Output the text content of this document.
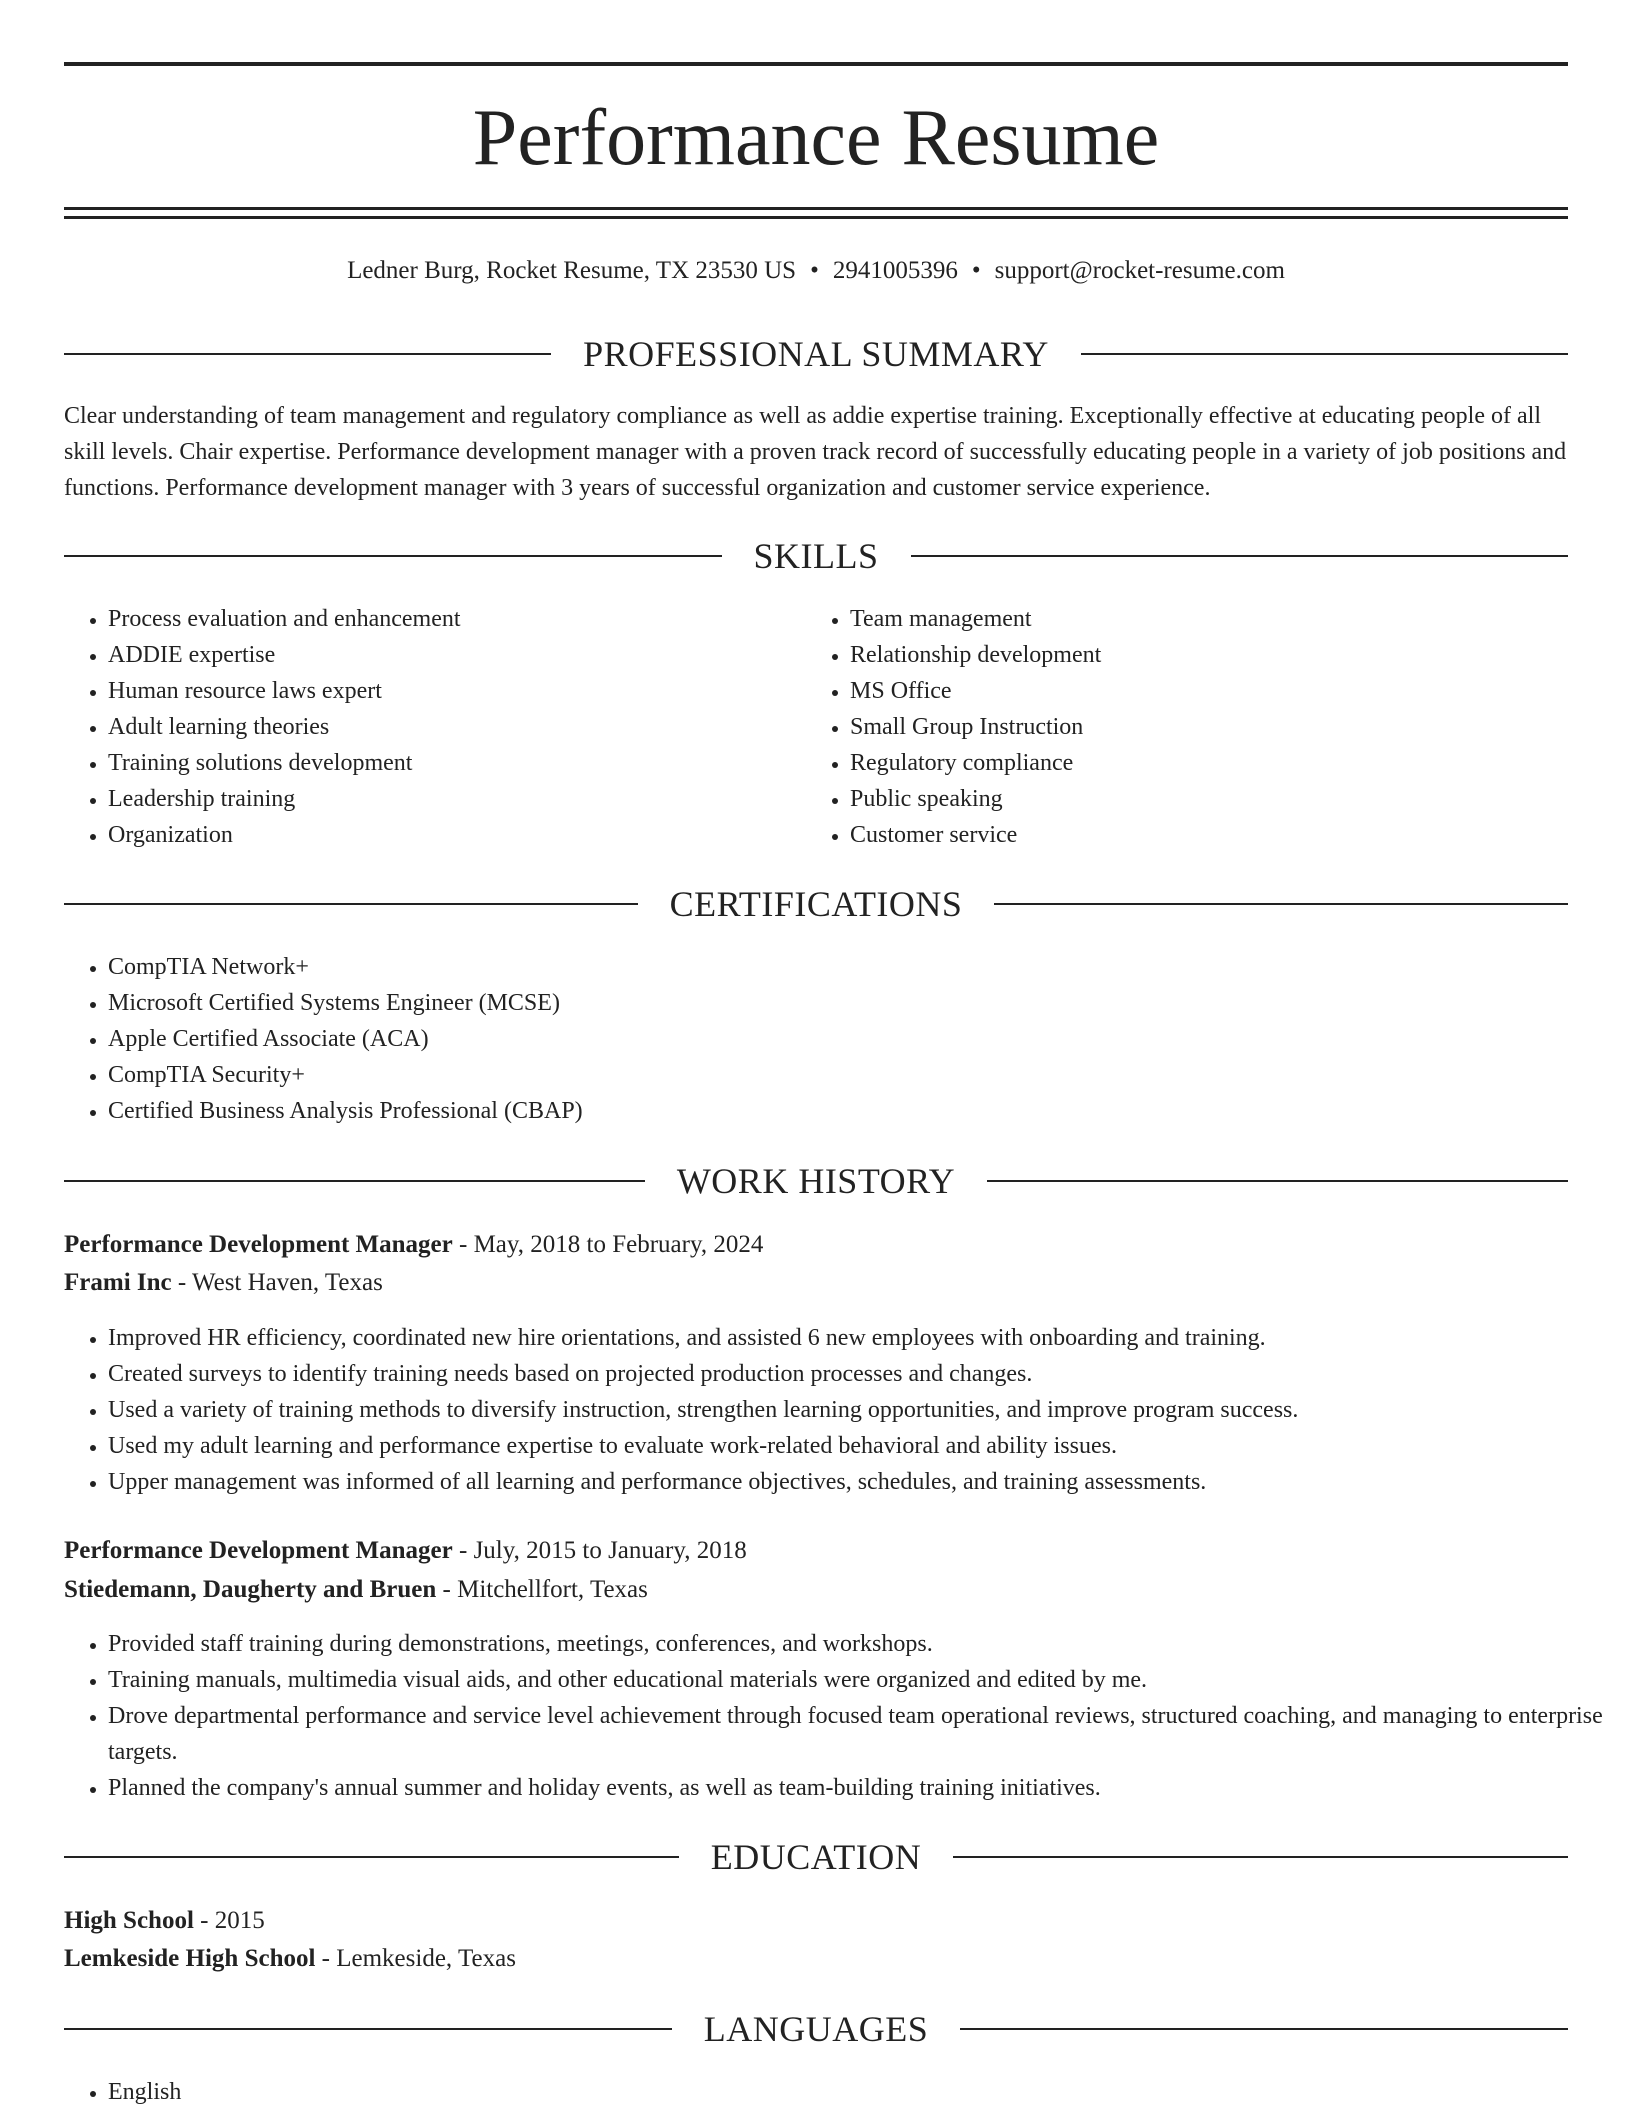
Performance Resume
Ledner Burg, Rocket Resume, TX 23530 US • 2941005396 • support@rocket-resume.com
PROFESSIONAL SUMMARY

Clear understanding of team management and regulatory compliance as well as addie expertise training. Exceptionally effective at educating people of all skill levels. Chair expertise. Performance development manager with a proven track record of successfully educating people in a variety of job positions and functions. Performance development manager with 3 years of successful organization and customer service experience.

SKILLS
• Process evaluation and enhancement
• ADDIE expertise
• Human resource laws expert
• Adult learning theories
• Training solutions development
• Leadership training
• Organization
• Team management
• Relationship development
• MS Office
• Small Group Instruction
• Regulatory compliance
• Public speaking
• Customer service
CERTIFICATIONS
• CompTIA Network+
• Microsoft Certified Systems Engineer (MCSE)
• Apple Certified Associate (ACA)
• CompTIA Security+
• Certified Business Analysis Professional (CBAP)
WORK HISTORY
Performance Development Manager - May, 2018 to February, 2024
Frami Inc - West Haven, Texas
• Improved HR efficiency, coordinated new hire orientations, and assisted 6 new employees with onboarding and training.
• Created surveys to identify training needs based on projected production processes and changes.
• Used a variety of training methods to diversify instruction, strengthen learning opportunities, and improve program success.
• Used my adult learning and performance expertise to evaluate work-related behavioral and ability issues.
• Upper management was informed of all learning and performance objectives, schedules, and training assessments.
Performance Development Manager - July, 2015 to January, 2018
Stiedemann, Daugherty and Bruen - Mitchellfort, Texas
• Provided staff training during demonstrations, meetings, conferences, and workshops.
• Training manuals, multimedia visual aids, and other educational materials were organized and edited by me.
• Drove departmental performance and service level achievement through focused team operational reviews, structured coaching, and managing to enterprise targets.
• Planned the company's annual summer and holiday events, as well as team-building training initiatives.
EDUCATION
High School - 2015
Lemkeside High School - Lemkeside, Texas
LANGUAGES
• English
